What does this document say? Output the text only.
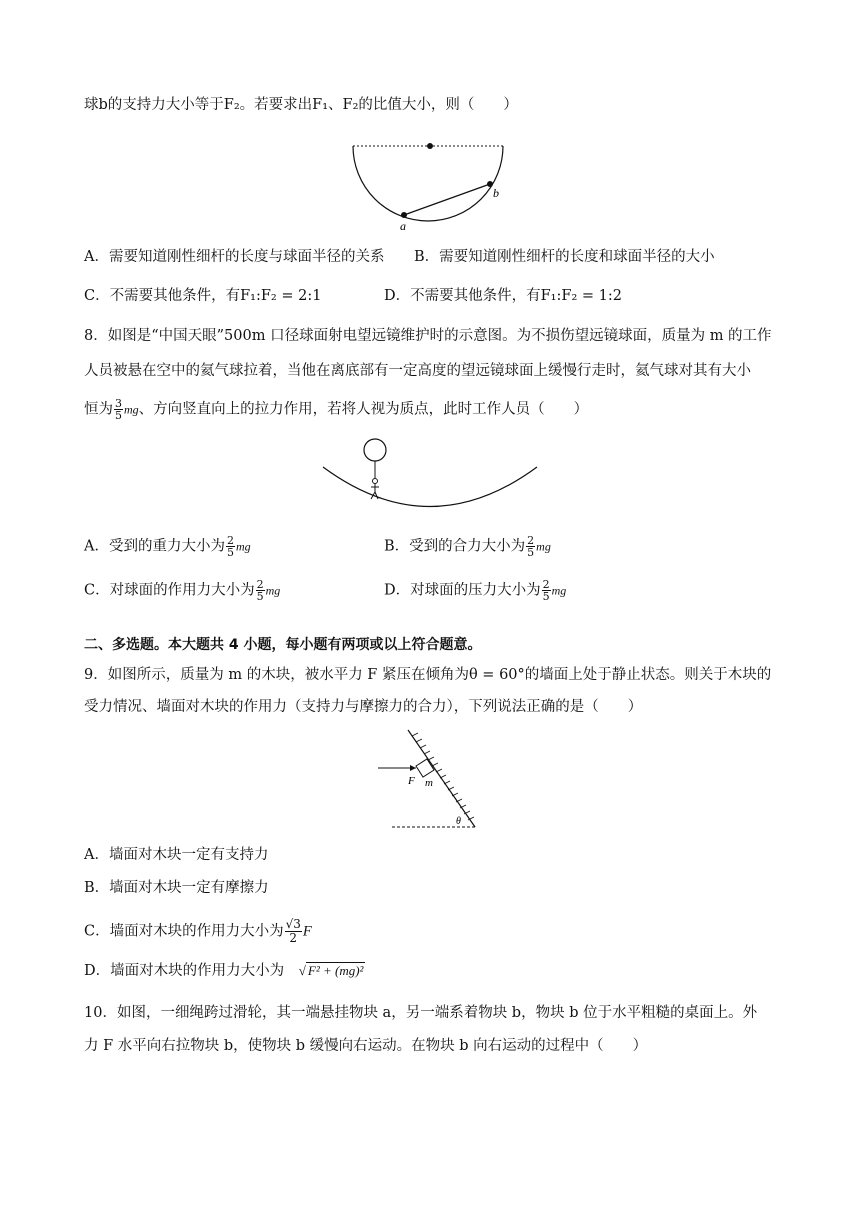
球b的支持力大小等于F₂。若要求出F₁、F₂的比值大小，则（　　）
a
b
A．需要知道刚性细杆的长度与球面半径的关系 B．需要知道刚性细杆的长度和球面半径的大小
C．不需要其他条件，有F₁:F₂ = 2:1	D．不需要其他条件，有F₁:F₂ = 1:2
8．如图是“中国天眼”500m 口径球面射电望远镜维护时的示意图。为不损伤望远镜球面，质量为 m 的工作
人员被悬在空中的氦气球拉着，当他在离底部有一定高度的望远镜球面上缓慢行走时，氦气球对其有大小
恒为 $\frac{3}{5}$ mg、方向竖直向上的拉力作用，若将人视为质点，此时工作人员（　　）
A．受到的重力大小为 $\frac{2}{5}$ mg	B．受到的合力大小为 $\frac{2}{5}$ mg
C．对球面的作用力大小为 $\frac{2}{5}$ mg	D．对球面的压力大小为 $\frac{2}{5}$ mg
二、多选题。本大题共 4 小题，每小题有两项或以上符合题意。
9．如图所示，质量为 m 的木块，被水平力 F 紧压在倾角为θ = 60°的墙面上处于静止状态。则关于木块的
受力情况、墙面对木块的作用力（支持力与摩擦力的合力），下列说法正确的是（　　）
F m
θ
A．墙面对木块一定有支持力
B．墙面对木块一定有摩擦力
C．墙面对木块的作用力大小为 $\frac{√3}{2}$ F
D．墙面对木块的作用力大小为 √ F² + (mg)²
10．如图，一细绳跨过滑轮，其一端悬挂物块 a，另一端系着物块 b，物块 b 位于水平粗糙的桌面上。外
力 F 水平向右拉物块 b，使物块 b 缓慢向右运动。在物块 b 向右运动的过程中（　　）
